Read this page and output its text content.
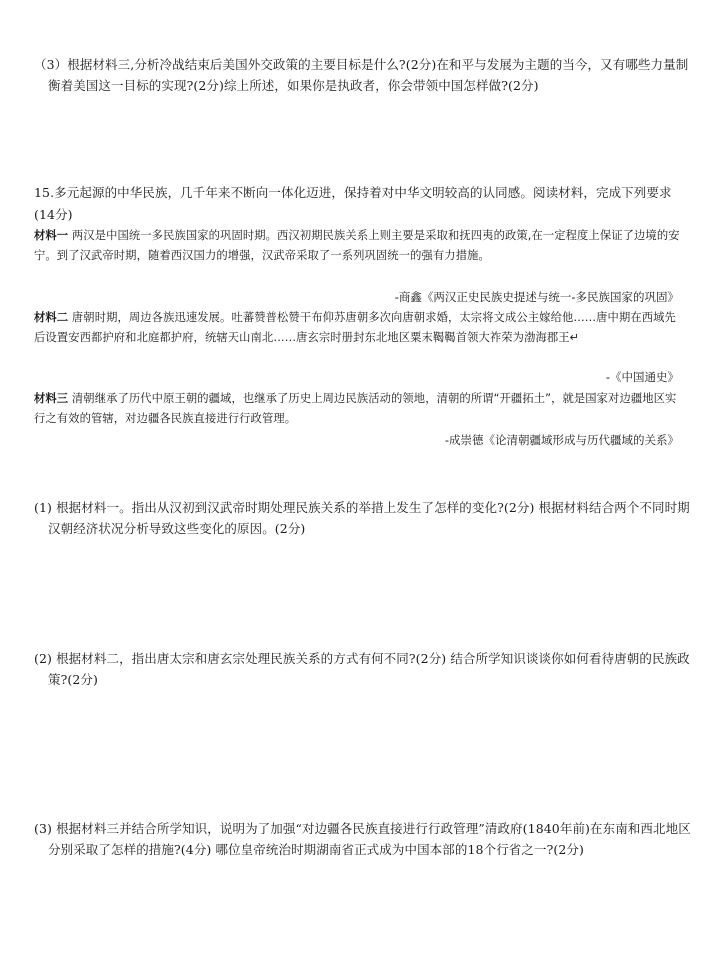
（3）根据材料三,分析冷战结束后美国外交政策的主要目标是什么?(2分)在和平与发展为主题的当今，又有哪些力量制衡着美国这一目标的实现?(2分)综上所述，如果你是执政者，你会带领中国怎样做?(2分)
15.多元起源的中华民族，几千年来不断向一体化迈进，保持着对中华文明较高的认同感。阅读材料，完成下列要求(14分)
材料一 两汉是中国统一多民族国家的巩固时期。西汉初期民族关系上则主要是采取和抚四夷的政策,在一定程度上保证了边境的安宁。到了汉武帝时期，随着西汉国力的增强，汉武帝采取了一系列巩固统一的强有力措施。
-商鑫《两汉正史民族史提述与统一-多民族国家的巩固》
材料二 唐朝时期，周边各族迅速发展。吐蕃赞普松赞干布仰苏唐朝多次向唐朝求婚，太宗将文成公主嫁给他……唐中期在西域先后设置安西都护府和北庭都护府，统辖天山南北……唐玄宗时册封东北地区粟末鞨鞨首领大祚荣为渤海郡王↵
-《中国通史》
材料三 清朝继承了历代中原王朝的疆域，也继承了历史上周边民族活动的领地，清朝的所谓“开疆拓土”，就是国家对边疆地区实行之有效的管辖，对边疆各民族直接进行行政管理。
-成崇德《论清朝疆域形成与历代疆域的关系》
(1) 根据材料一。指出从汉初到汉武帝时期处理民族关系的举措上发生了怎样的变化?(2分) 根据材料结合两个不同时期汉朝经济状况分析导致这些变化的原因。(2分)
(2) 根据材料二，指出唐太宗和唐玄宗处理民族关系的方式有何不同?(2分) 结合所学知识谈谈你如何看待唐朝的民族政策?(2分)
(3) 根据材料三并结合所学知识，说明为了加强“对边疆各民族直接进行行政管理”清政府(1840年前)在东南和西北地区分别采取了怎样的措施?(4分) 哪位皇帝统治时期湖南省正式成为中国本部的18个行省之一?(2分)
